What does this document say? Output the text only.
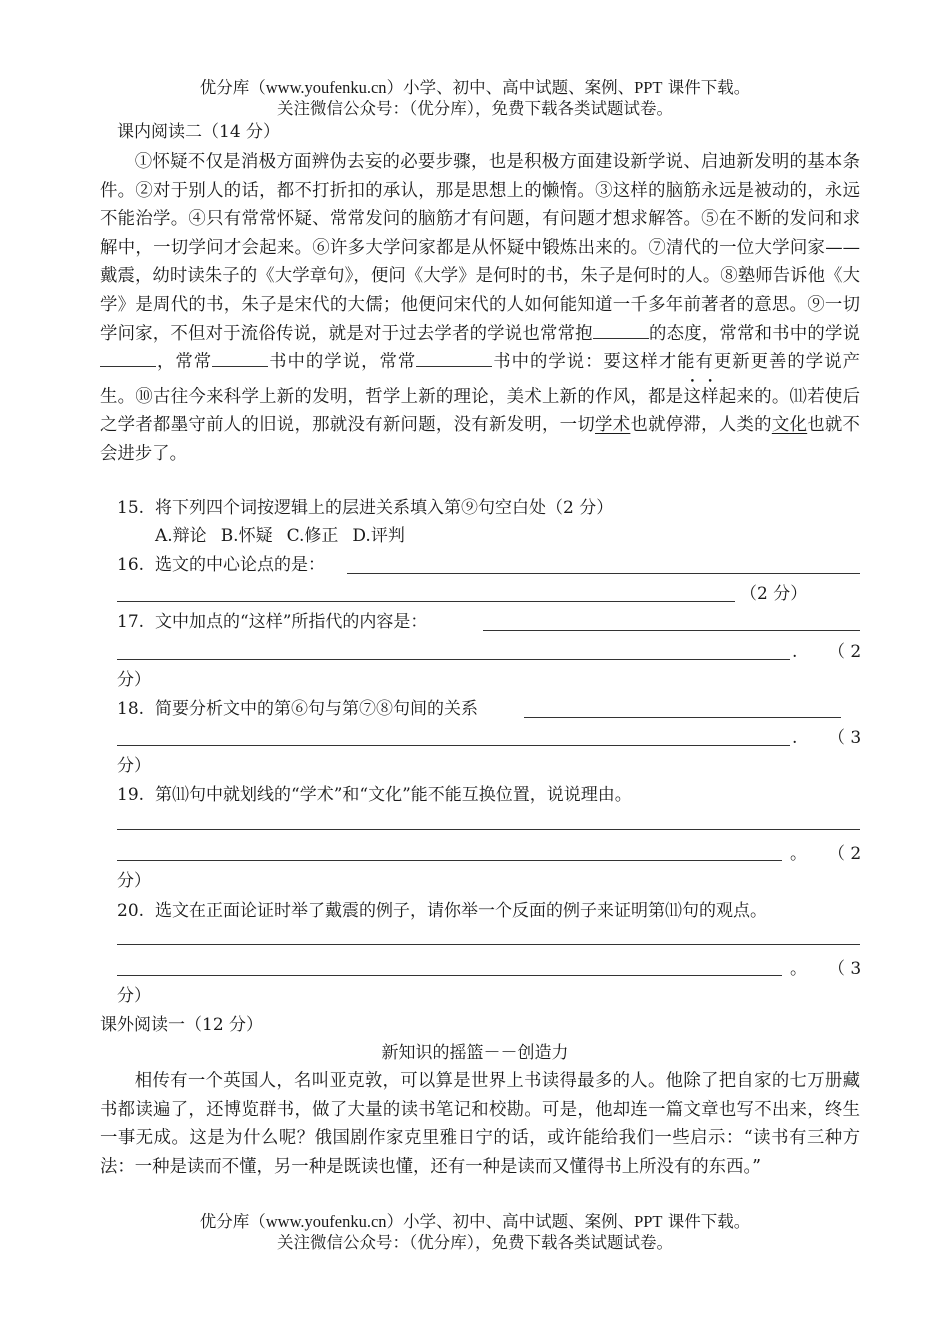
优分库（www.youfenku.cn）小学、初中、高中试题、案例、PPT 课件下载。
关注微信公众号：（优分库），免费下载各类试题试卷。
课内阅读二（14 分）

①怀疑不仅是消极方面辨伪去妄的必要步骤，也是积极方面建设新学说、启迪新发明的基本条件。②对于别人的话，都不打折扣的承认，那是思想上的懒惰。③这样的脑筋永远是被动的，永远不能治学。④只有常常怀疑、常常发问的脑筋才有问题，有问题才想求解答。⑤在不断的发问和求解中，一切学问才会起来。⑥许多大学问家都是从怀疑中锻炼出来的。⑦清代的一位大学问家——戴震，幼时读朱子的《大学章句》，便问《大学》是何时的书，朱子是何时的人。⑧塾师告诉他《大学》是周代的书，朱子是宋代的大儒；他便问宋代的人如何能知道一千多年前著者的意思。⑨一切学问家，不但对于流俗传说，就是对于过去学者的学说也常常抱	的态度，常常和书中的学说，常常	书中的学说，常常	书中的学说：要这样才能有更新更善的学说产生。⑩古往今来科学上新的发明，哲学上新的理论，美术上新的作风，都是这样起来的。⑾若使后之学者都墨守前人的旧说，那就没有新问题，没有新发明，一切学术也就停滞，人类的文化也就不会进步了。

15. 将下列四个词按逻辑上的层进关系填入第⑨句空白处（2 分）
A.辩论 B.怀疑 C.修正 D.评判
16. 选文的中心论点的是：
（2 分）
17. 文中加点的“这样”所指代的内容是：
. （ 2
分）
18. 简要分析文中的第⑥句与第⑦⑧句间的关系
. （ 3
分）
19. 第⑾句中就划线的“学术”和“文化”能不能互换位置，说说理由。
。 （ 2
分）
20. 选文在正面论证时举了戴震的例子，请你举一个反面的例子来证明第⑾句的观点。
。 （ 3
分）
课外阅读一（12 分）
新知识的摇篮－－创造力

相传有一个英国人，名叫亚克敦，可以算是世界上书读得最多的人。他除了把自家的七万册藏书都读遍了，还博览群书，做了大量的读书笔记和校勘。可是，他却连一篇文章也写不出来，终生一事无成。这是为什么呢？俄国剧作家克里雅日宁的话，或许能给我们一些启示：“读书有三种方法：一种是读而不懂，另一种是既读也懂，还有一种是读而又懂得书上所没有的东西。”

优分库（www.youfenku.cn）小学、初中、高中试题、案例、PPT 课件下载。
关注微信公众号：（优分库），免费下载各类试题试卷。
